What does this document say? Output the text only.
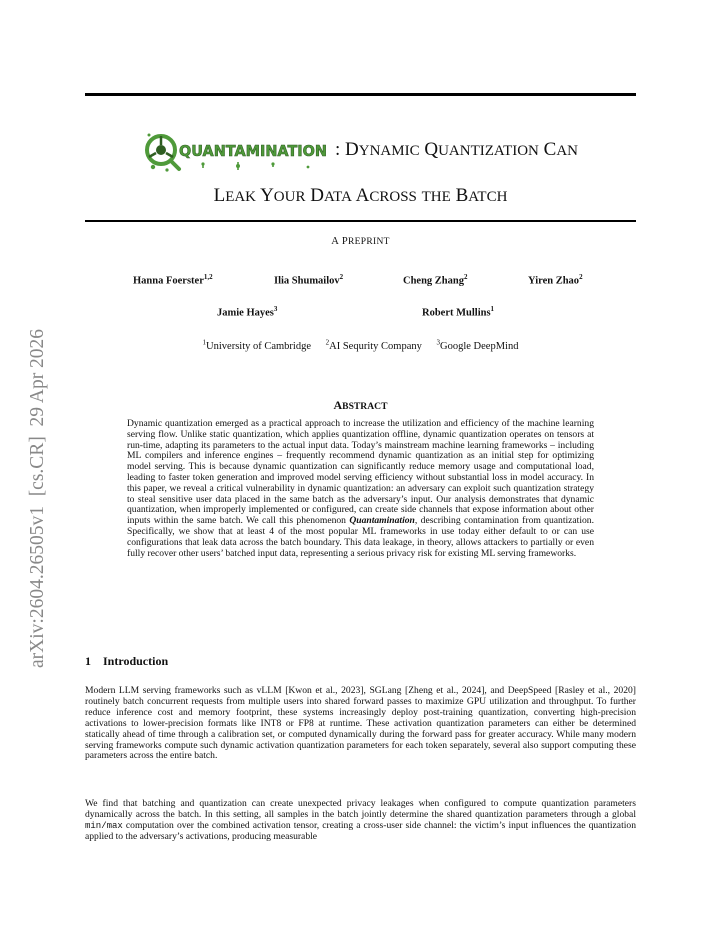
arXiv:2604.26505v1  [cs.CR]  29 Apr 2026
QUANTAMINATION : DYNAMIC
QUANTIZATION
CAN
LEAK YOUR DATA ACROSS THE BATCH
A PREPRINT
Hanna Foerster$^{1,2}$	Ilia Shumailov$^2$	Cheng Zhang$^2$	Yiren Zhao$^2$
Jamie Hayes$^3$	Robert Mullins$^1$
$^1$University of Cambridge $^2$AI Sequrity Company $^3$Google DeepMind
ABSTRACT
Dynamic quantization emerged as a practical approach to increase the utilization and efficiency of the machine learning serving flow. Unlike static quantization, which applies quantization offline, dynamic quantization operates on tensors at run-time, adapting its parameters to the actual input data. Today’s mainstream machine learning frameworks – including ML compilers and inference engines – frequently recommend dynamic quantization as an initial step for optimizing model serving. This is because dynamic quantization can significantly reduce memory usage and computational load, leading to faster token generation and improved model serving efficiency without substantial loss in model accuracy. In this paper, we reveal a critical vulnerability in dynamic quantization: an adversary can exploit such quantization strategy to steal sensitive user data placed in the same batch as the adversary’s input. Our analysis demonstrates that dynamic quantization, when improperly implemented or configured, can create side channels that expose information about other inputs within the same batch. We call this phenomenon Quantamination, describing contamination from quantization. Specifically, we show that at least 4 of the most popular ML frameworks in use today either default to or can use configurations that leak data across the batch boundary. This data leakage, in theory, allows attackers to partially or even fully recover other users’ batched input data, representing a serious privacy risk for existing ML serving frameworks.
1 Introduction
Modern LLM serving frameworks such as vLLM [Kwon et al., 2023], SGLang [Zheng et al., 2024], and DeepSpeed [Rasley et al., 2020] routinely batch concurrent requests from multiple users into shared forward passes to maximize GPU utilization and throughput. To further reduce inference cost and memory footprint, these systems increasingly deploy post-training quantization, converting high-precision activations to lower-precision formats like INT8 or FP8 at runtime. These activation quantization parameters can either be determined statically ahead of time through a calibration set, or computed dynamically during the forward pass for greater accuracy. While many modern serving frameworks compute such dynamic activation quantization parameters for each token separately, several also support computing these parameters across the entire batch.
We find that batching and quantization can create unexpected privacy leakages when configured to compute quantization parameters dynamically across the batch. In this setting, all samples in the batch jointly determine the shared quantization parameters through a global min/max computation over the combined activation tensor, creating a cross-user side channel: the victim’s input influences the quantization applied to the adversary’s activations, producing measurable
